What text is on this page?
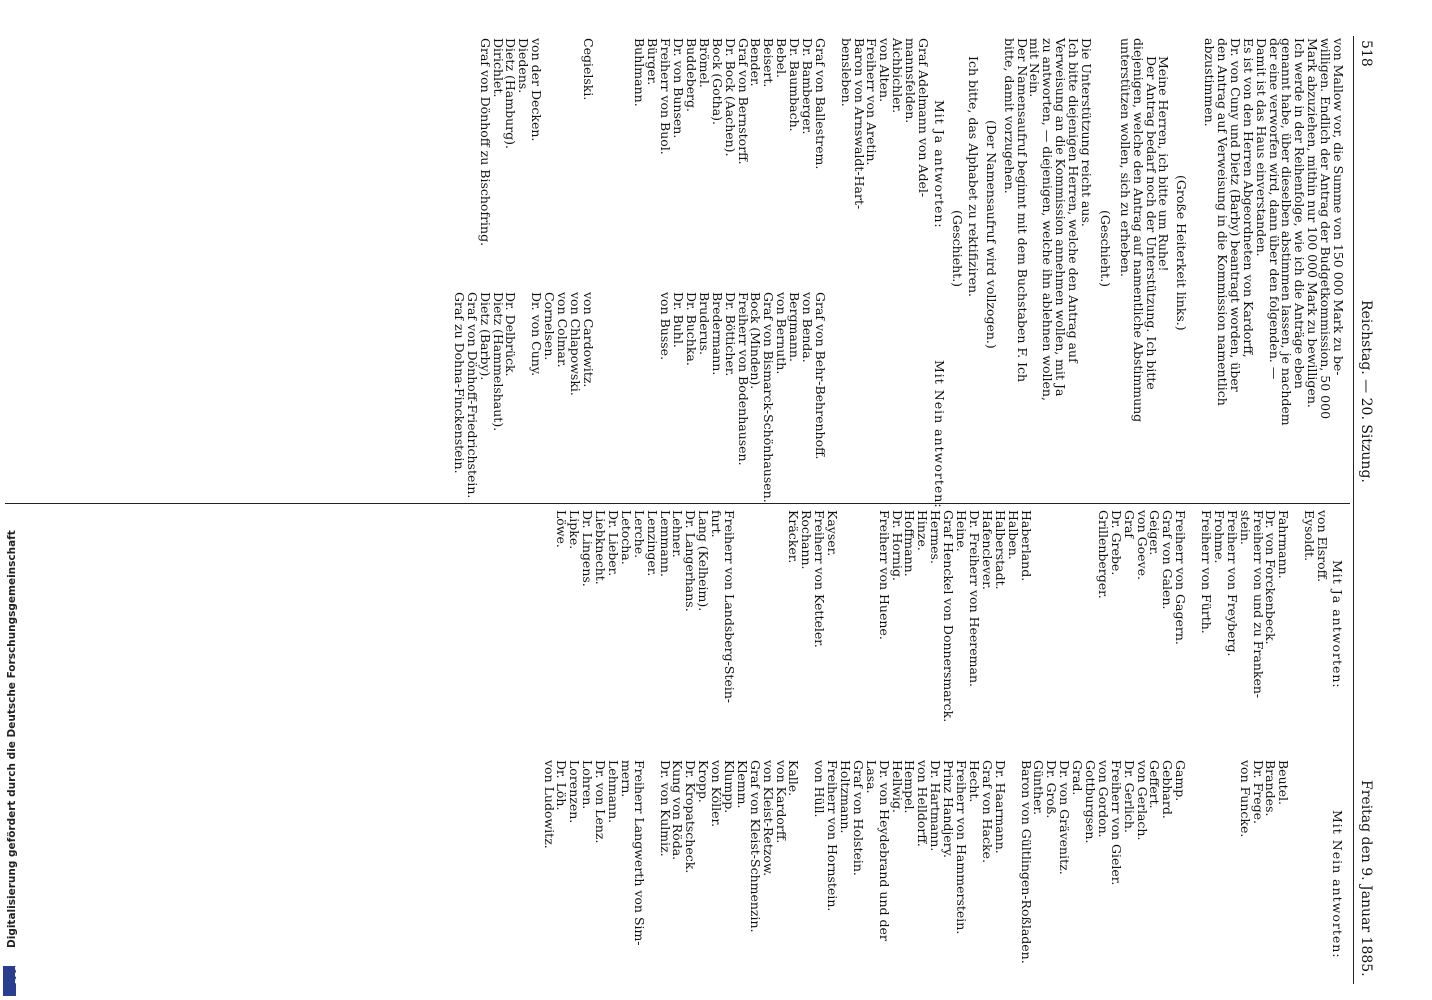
518
Reichstag. — 20. Sitzung.
Freitag den 9. Januar 1885.
von Mallow vor, die Summe von 150 000 Mark zu be-
willigen. Endlich der Antrag der Budgetkommission, 50 000
Mark abzuziehen, mithin nur 100 000 Mark zu bewilligen.
Ich werde in der Reihenfolge, wie ich die Anträge eben
genannt habe, über dieselben abstimmen lassen, je nachdem
der eine verworfen wird, dann über den folgenden. —
Damit ist das Haus einverstanden.
Es ist von den Herren Abgeordneten von Kardorff,
Dr. von Cuny und Dietz (Barby) beantragt worden, über
den Antrag auf Verweisung in die Kommission namentlich
abzustimmen.
(Große Heiterkeit links.)
Meine Herren, ich bitte um Ruhe!
Der Antrag bedarf noch der Unterstützung. Ich bitte
diejenigen, welche den Antrag auf namentliche Abstimmung
unterstützen wollen, sich zu erheben.
(Geschieht.)
Die Unterstützung reicht aus.
Ich bitte diejenigen Herren, welche den Antrag auf
Verweisung an die Kommission annehmen wollen, mit Ja
zu antworten, — diejenigen, welche ihn ablehnen wollen,
mit Nein.
Der Namensaufruf beginnt mit dem Buchstaben F. Ich
bitte, damit vorzugehen.
(Der Namensaufruf wird vollzogen.)
Ich bitte, das Alphabet zu rektifiziren.
(Geschieht.)
Mit Ja antworten:
Mit Nein antworten:
Graf Adelmann von Adel-
mannsfelden.
Aichbichler.
von Alten.
Freiherr von Aretin.
Baron von Arnswaldt-Hart-
bensleben.
Graf von Ballestrem.
Dr. Bamberger.
Dr. Baumbach.
Bebel.
Beisert.
Bender.
Graf von Bernstorff.
Dr. Bock (Aachen).
Bock (Gotha).
Brömel.
Buddeberg.
Dr. von Bunsen.
Freiherr von Buol.
Bürger.
Buhlmann.
Cegielski.
von der Decken.
Diedens.
Dietz (Hamburg).
Dirichlet.
Graf von Dönhoff zu Bischofring.
Graf von Behr-Behrenhoff.
von Benda.
Bergmann.
von Bernuth.
Graf von Bismarck-Schönhausen.
Bock (Minden).
Freiherr von Bodenhausen.
Dr. Bötticher.
Bredermann.
Bruderus.
Dr. Buchka.
Dr. Buhl.
von Busse.
von Cardowitz.
von Chlapowski.
von Colmar.
Cornelsen.
Dr. von Cuny.
Dr. Delbrück.
Dietz (Hammelshaut).
Dietz (Barby).
Graf von Dönhoff-Friedrichstein.
Graf zu Dohna-Finckenstein.
Mit Ja antworten:
Mit Nein antworten:
von Elsroff.
Eysoldt.
Fahrmann.
Dr. von Forckenbeck.
Freiherr von und zu Franken-
stein.
Freiherr von Freyberg.
Frohme.
Freiherr von Fürth.
Freiherr von Gagern.
Graf von Galen.
Geiger.
von Goeve.
Graf
Dr. Grebe.
Grillenberger.
Haberland.
Halben.
Halberstadt.
Hafenclever.
Dr. Freiherr von Heereman.
Heine.
Graf Henckel von Donnersmarck.
Hermes.
Hinze.
Hoffmann.
Dr. Hornig.
Freiherr von Huene.
Kayser.
Freiherr von Ketteler.
Rochann.
Kräcker.
Freiherr von Landsberg-Stein-
furt.
Lang (Kelheim).
Dr. Langerhans.
Lehner.
Lemmann.
Lenzinger.
Lerche.
Letocha.
Dr. Lieber.
Liebknecht.
Dr. Lingens.
Lipke.
Löwe.
Beutel.
Brandes.
Dr. Frege.
von Funcke.
Gamp.
Gebhard.
Geffert.
von Gerlach.
Dr. Gerlich.
Freiherr von Gieler.
von Gordon.
Gottburgsen.
Grad.
Dr. von Grävenitz.
Dr. Groß.
Günther.
Baron von Gültlingen-Roßladen.
Dr. Haarmann.
Graf von Hacke.
Hecht.
Freiherr von Hammerstein.
Prinz Handjery.
Dr. Hartmann.
von Helldorff.
Hempel.
Hellwig.
Dr. von Heydebrand und der
Lasa.
Graf von Holstein.
Holtzmann.
Freiherr von Hornstein.
von Hüll.
Kalle.
von Kardorff.
von Kleist-Retzow.
Graf von Kleist-Schmenzin.
Klemm.
Klumpp.
von Köller.
Kropp.
Dr. Kropatscheck.
Kung von Röda.
Dr. von Kulmiz.
Freiherr Langwerth von Sim-
mern.
Lehmann.
Dr. von Lenz.
Lohren.
Lorenzen.
Dr. Löh.
von Ludowitz.
DFG
Digitalisierung gefördert durch die Deutsche Forschungsgemeinschaft
